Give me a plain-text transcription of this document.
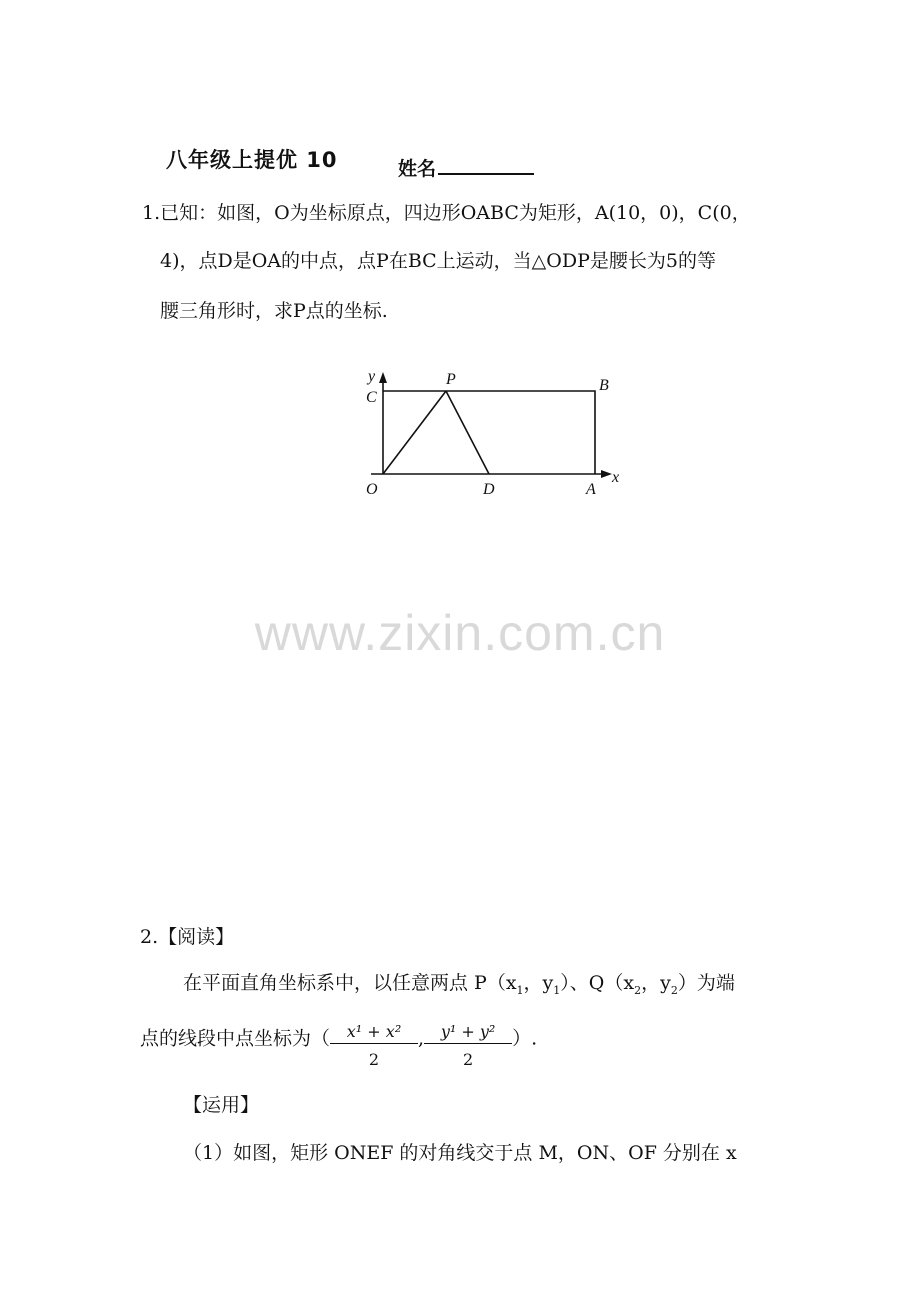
八年级上提优 10	姓名
1.已知：如图，O为坐标原点，四边形OABC为矩形，A(10，0)，C(0，
4)，点D是OA的中点，点P在BC上运动，当△ODP是腰长为5的等
腰三角形时，求P点的坐标.
y
C
P	B
O	D	A
x
www.zixin.com.cn
2.【阅读】
在平面直角坐标系中，以任意两点 $P(x_1$，$y_1$）、$Q(x_2$，$y_2$）为端
点的线段中点坐标为（ $\frac{\text{x¹ + x²}}{2}$ , $\frac{\text{y¹ + y²}}{2}$ ）.
【运用】
（1）如图，矩形 ONEF 的对角线交于点 M，ON、OF 分别在 x
